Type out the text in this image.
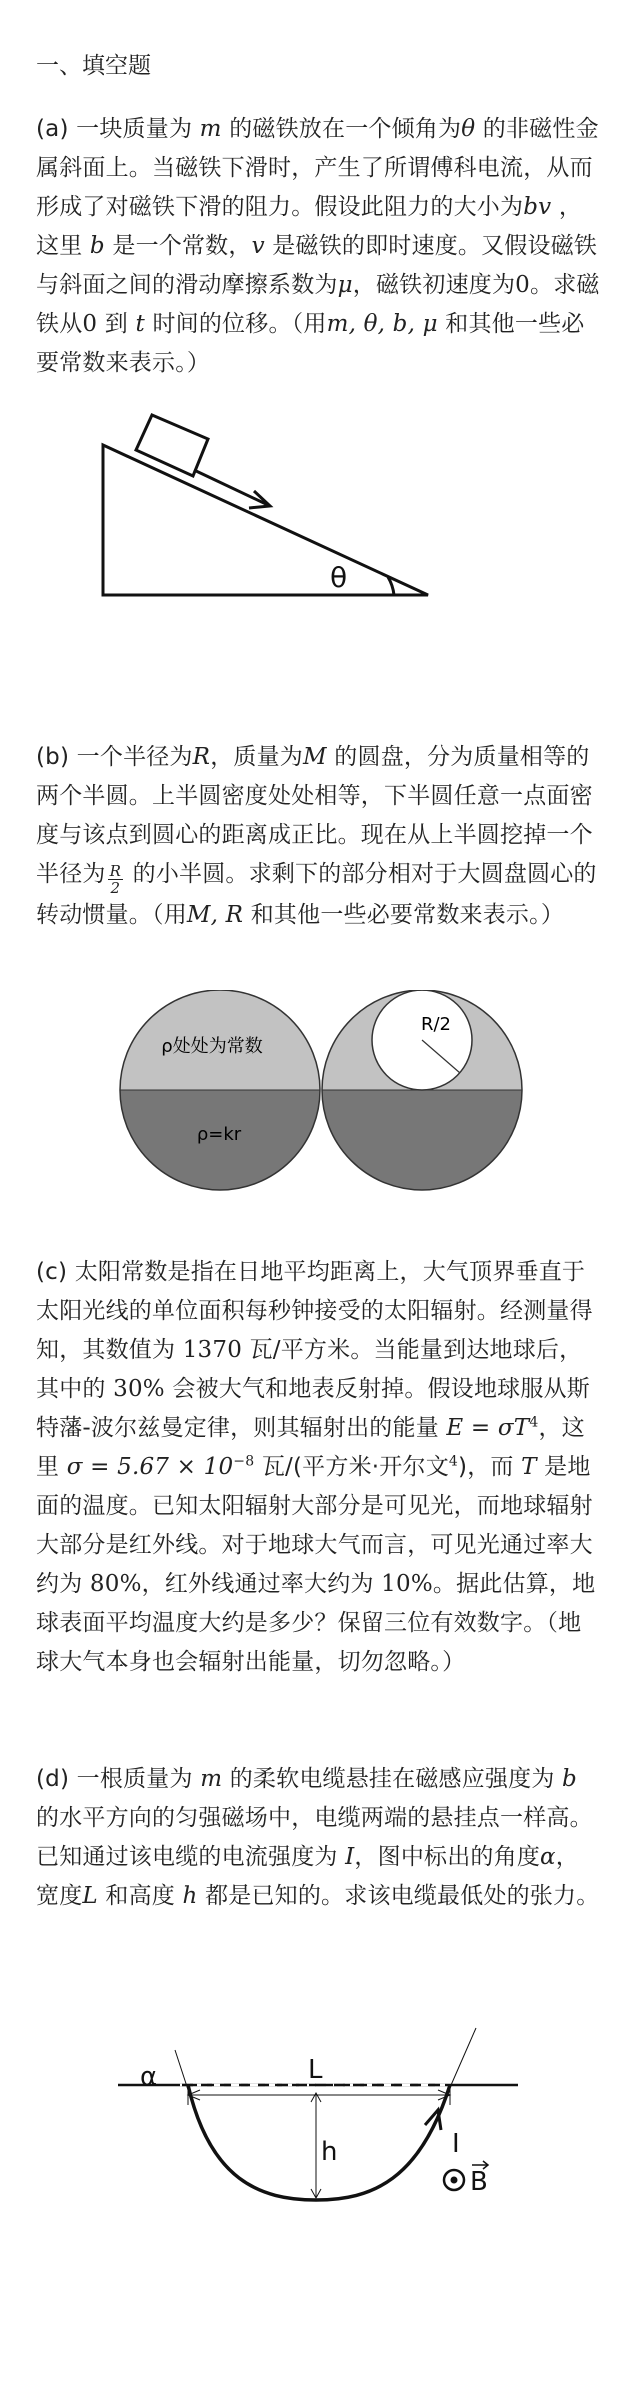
一、填空题
(a) 一块质量为 m 的磁铁放在一个倾角为θ 的非磁性金属斜面上。当磁铁下滑时，产生了所谓傅科电流，从而形成了对磁铁下滑的阻力。假设此阻力的大小为bv ，这里 b 是一个常数，v 是磁铁的即时速度。又假设磁铁与斜面之间的滑动摩擦系数为μ，磁铁初速度为0。求磁铁从0 到 t 时间的位移。（用m, θ, b, μ 和其他一些必要常数来表示。）
θ
(b) 一个半径为R，质量为M 的圆盘，分为质量相等的两个半圆。上半圆密度处处相等，下半圆任意一点面密度与该点到圆心的距离成正比。现在从上半圆挖掉一个半径为 $\frac{R}{2}$ 的小半圆。求剩下的部分相对于大圆盘圆心的转动惯量。（用M, R 和其他一些必要常数来表示。）
ρ处处为常数
ρ=kr
R/2
(c) 太阳常数是指在日地平均距离上，大气顶界垂直于太阳光线的单位面积每秒钟接受的太阳辐射。经测量得知，其数值为 1370 瓦/平方米。当能量到达地球后，其中的 30% 会被大气和地表反射掉。假设地球服从斯特藩-波尔兹曼定律，则其辐射出的能量 $E = \sigma T^4$，这里 $\sigma = 5.67 \times 10^{-8}$ 瓦/(平方米·开尔文$^4$)，而 T 是地面的温度。已知太阳辐射大部分是可见光，而地球辐射大部分是红外线。对于地球大气而言，可见光通过率大约为 80%，红外线通过率大约为 10%。据此估算，地球表面平均温度大约是多少？保留三位有效数字。（地球大气本身也会辐射出能量，切勿忽略。）
(d) 一根质量为 m 的柔软电缆悬挂在磁感应强度为 b 的水平方向的匀强磁场中，电缆两端的悬挂点一样高。已知通过该电缆的电流强度为 I，图中标出的角度α，宽度L 和高度 h 都是已知的。求该电缆最低处的张力。
α	L
h	I
B
